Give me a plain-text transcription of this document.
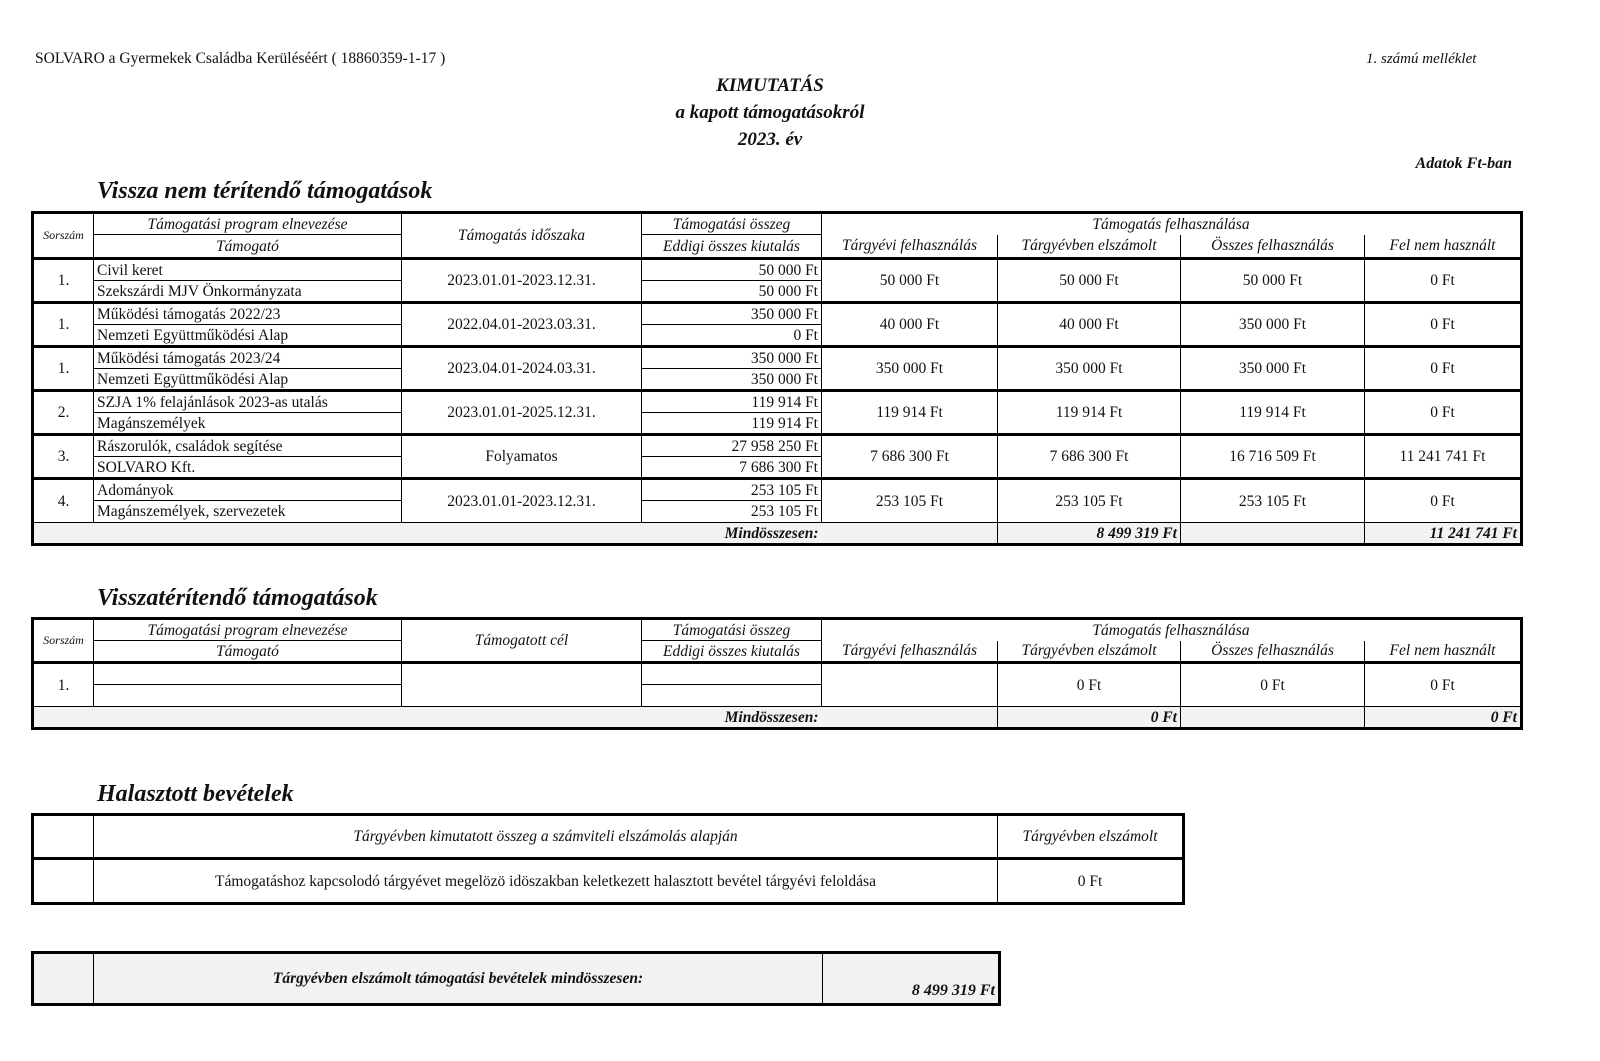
SOLVARO a Gyermekek Családba Kerüléséért ( 18860359-1-17 )	1. számú melléklet
KIMUTATÁS
a kapott támogatásokról
2023. év
Adatok Ft-ban
Vissza nem térítendő támogatások
Sorszám	Támogatási program elnevezése	Támogatás időszaka	Támogatási összeg	Támogatás felhasználása			
	Támogató		Eddigi összes kiutalás	Tárgyévi felhasználás	Tárgyévben elszámolt	Összes felhasználás	Fel nem használt
1.	Civil keret	2023.01.01-2023.12.31.	50 000 Ft	50 000 Ft	50 000 Ft	50 000 Ft	0 Ft
	Szekszárdi MJV Önkormányzata		50 000 Ft				
1.	Működési támogatás 2022/23	2022.04.01-2023.03.31.	350 000 Ft	40 000 Ft	40 000 Ft	350 000 Ft	0 Ft
	Nemzeti Együttműködési Alap		0 Ft				
1.	Működési támogatás 2023/24	2023.04.01-2024.03.31.	350 000 Ft	350 000 Ft	350 000 Ft	350 000 Ft	0 Ft
	Nemzeti Együttműködési Alap		350 000 Ft				
2.	SZJA 1% felajánlások 2023-as utalás	2023.01.01-2025.12.31.	119 914 Ft	119 914 Ft	119 914 Ft	119 914 Ft	0 Ft
	Magánszemélyek		119 914 Ft				
3.	Rászorulók, családok segítése	Folyamatos	27 958 250 Ft	7 686 300 Ft	7 686 300 Ft	16 716 509 Ft	11 241 741 Ft
	SOLVARO Kft.		7 686 300 Ft				
4.	Adományok	2023.01.01-2023.12.31.	253 105 Ft	253 105 Ft	253 105 Ft	253 105 Ft	0 Ft
	Magánszemélyek, szervezetek		253 105 Ft				
Mindösszesen:					8 499 319 Ft		11 241 741 Ft
Visszatérítendő támogatások
Sorszám	Támogatási program elnevezése	Támogatott cél	Támogatási összeg	Támogatás felhasználása			
	Támogató		Eddigi összes kiutalás	Tárgyévi felhasználás	Tárgyévben elszámolt	Összes felhasználás	Fel nem használt
1.					0 Ft	0 Ft	0 Ft

Mindösszesen:					0 Ft		0 Ft
Halasztott bevételek
	Tárgyévben kimutatott összeg a számviteli elszámolás alapján	Tárgyévben elszámolt
	Támogatáshoz kapcsolodó tárgyévet megelözö idöszakban keletkezett halasztott bevétel tárgyévi feloldása	0 Ft
	Tárgyévben elszámolt támogatási bevételek mindösszesen:	8 499 319 Ft
